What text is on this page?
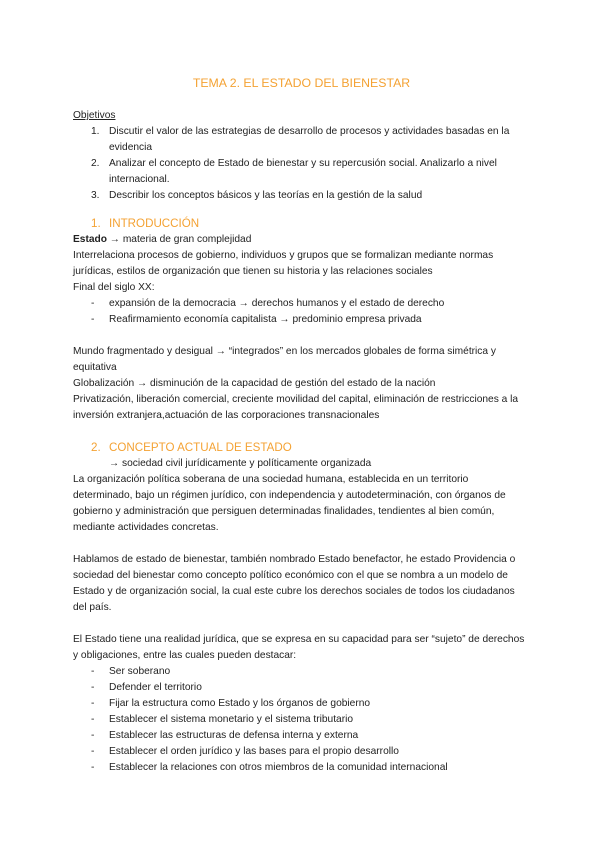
TEMA 2. EL ESTADO DEL BIENESTAR
Objetivos
1. Discutir el valor de las estrategias de desarrollo de procesos y actividades basadas en la evidencia
2. Analizar el concepto de Estado de bienestar y su repercusión social. Analizarlo a nivel internacional.
3. Describir los conceptos básicos y las teorías en la gestión de la salud
1. INTRODUCCIÓN

Estado → materia de gran complejidad

Interrelaciona procesos de gobierno, individuos y grupos que se formalizan mediante normas jurídicas, estilos de organización que tienen su historia y las relaciones sociales

Final del siglo XX:

- expansión de la democracia → derechos humanos y el estado de derecho
- Reafirmamiento economía capitalista → predominio empresa privada

Mundo fragmentado y desigual → “integrados” en los mercados globales de forma simétrica y equitativa

Globalización → disminución de la capacidad de gestión del estado de la nación

Privatización, liberación comercial, creciente movilidad del capital, eliminación de restricciones a la inversión extranjera,actuación de las corporaciones transnacionales

2. CONCEPTO ACTUAL DE ESTADO

→ sociedad civil jurídicamente y políticamente organizada

La organización política soberana de una sociedad humana, establecida en un territorio determinado, bajo un régimen jurídico, con independencia y autodeterminación, con órganos de gobierno y administración que persiguen determinadas finalidades, tendientes al bien común, mediante actividades concretas.

Hablamos de estado de bienestar, también nombrado Estado benefactor, he estado Providencia o sociedad del bienestar como concepto político económico con el que se nombra a un modelo de Estado y de organización social, la cual este cubre los derechos sociales de todos los ciudadanos del país.

El Estado tiene una realidad jurídica, que se expresa en su capacidad para ser “sujeto” de derechos y obligaciones, entre las cuales pueden destacar:

- Ser soberano
- Defender el territorio
- Fijar la estructura como Estado y los órganos de gobierno
- Establecer el sistema monetario y el sistema tributario
- Establecer las estructuras de defensa interna y externa
- Establecer el orden jurídico y las bases para el propio desarrollo
- Establecer la relaciones con otros miembros de la comunidad internacional
